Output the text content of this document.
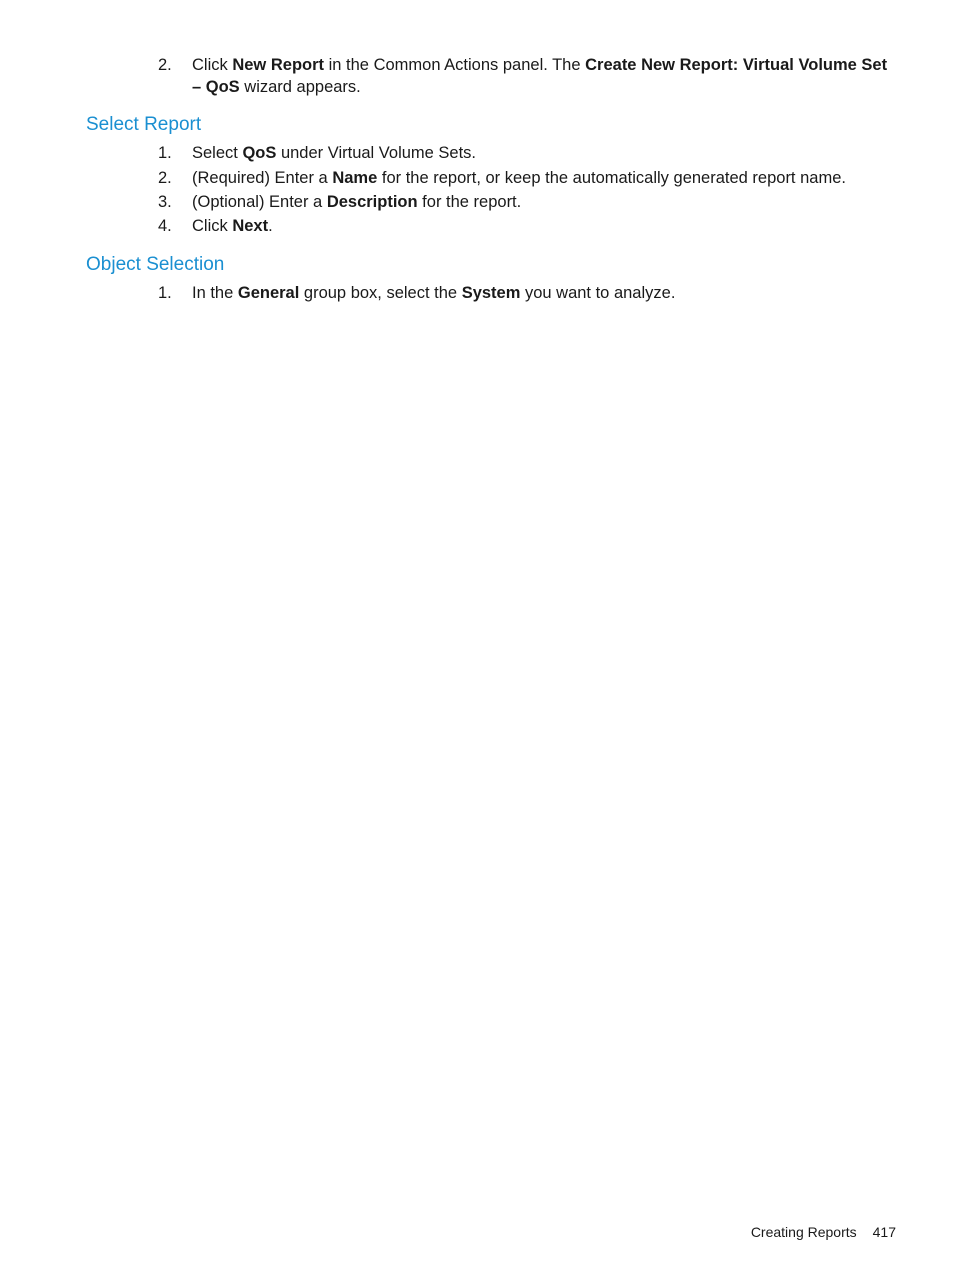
2.	Click New Report in the Common Actions panel. The Create New Report: Virtual Volume Set – QoS wizard appears.
Select Report
1.	Select QoS under Virtual Volume Sets.
2.	(Required) Enter a Name for the report, or keep the automatically generated report name.
3.	(Optional) Enter a Description for the report.
4.	Click Next.
Object Selection
1.	In the General group box, select the System you want to analyze.
Creating Reports 417
